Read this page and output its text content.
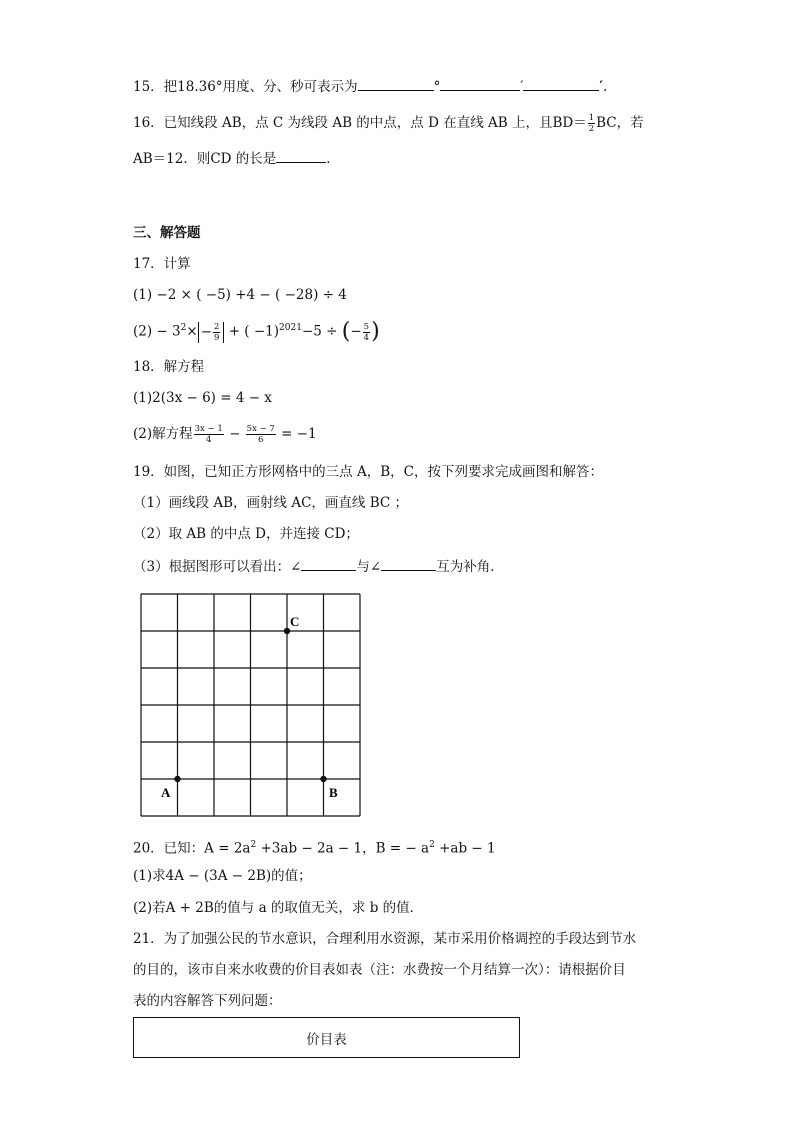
15．把18.36°用度、分、秒可表示为	°	′	′.
16．已知线段 AB，点 C 为线段 AB 的中点，点 D 在直线 AB 上，且$BD= \frac{1}{2}$ BC，若
AB＝12．则CD 的长是	．
三、解答题
17．计算
(1) −2 × ( −5) +4 − ( −28) ÷ 4
$(2) - 3^2\times - \frac{2}{9}$ + ( −1)$^{2021}$−5 ÷ (− $\frac{5}{4}$ )
18．解方程
(1)2(3x − 6) = 4 − x
(2)解方程 $\frac{3x - 1}{4} - \frac{5x - 7}{6} = -1$
19．如图，已知正方形网格中的三点 A，B，C，按下列要求完成画图和解答：
（1）画线段 AB，画射线 AC，画直线 BC ；
（2）取 AB 的中点 D，并连接 CD；
（3）根据图形可以看出：∠	与∠	互为补角．
C
A	B
20．已知：$A = 2a^2 +3ab - 2a - 1$，B = − $a^2 +ab - 1$
(1)求4A − (3A − 2B)的值；
(2)若A + 2B的值与 a 的取值无关，求 b 的值．
21．为了加强公民的节水意识，合理利用水资源，某市采用价格调控的手段达到节水
的目的，该市自来水收费的价目表如表（注：水费按一个月结算一次）：请根据价目
表的内容解答下列问题：
价目表
